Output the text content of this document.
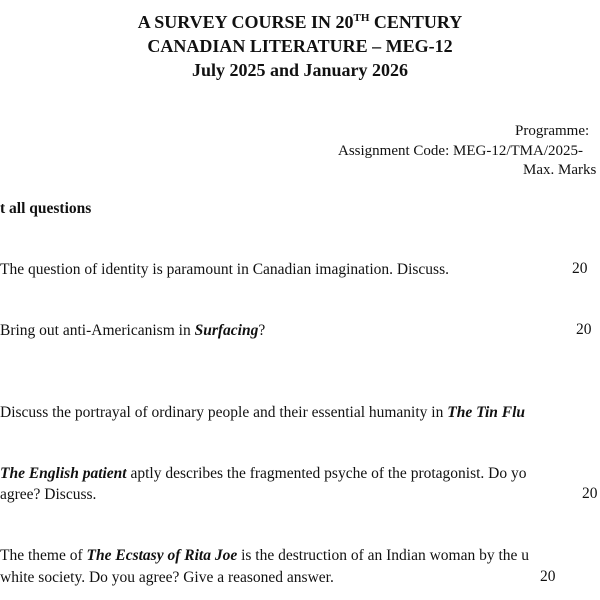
A SURVEY COURSE IN 20TH CENTURY
CANADIAN LITERATURE – MEG-12
July 2025 and January 2026
Programme:
Assignment Code: MEG-12/TMA/2025-
Max. Marks
t all questions
The question of identity is paramount in Canadian imagination. Discuss.	20
Bring out anti-Americanism in Surfacing?	20
Discuss the portrayal of ordinary people and their essential humanity in The Tin Flu
The English patient aptly describes the fragmented psyche of the protagonist. Do yo
agree? Discuss.	20
The theme of The Ecstasy of Rita Joe is the destruction of an Indian woman by the u
white society. Do you agree? Give a reasoned answer.	20
